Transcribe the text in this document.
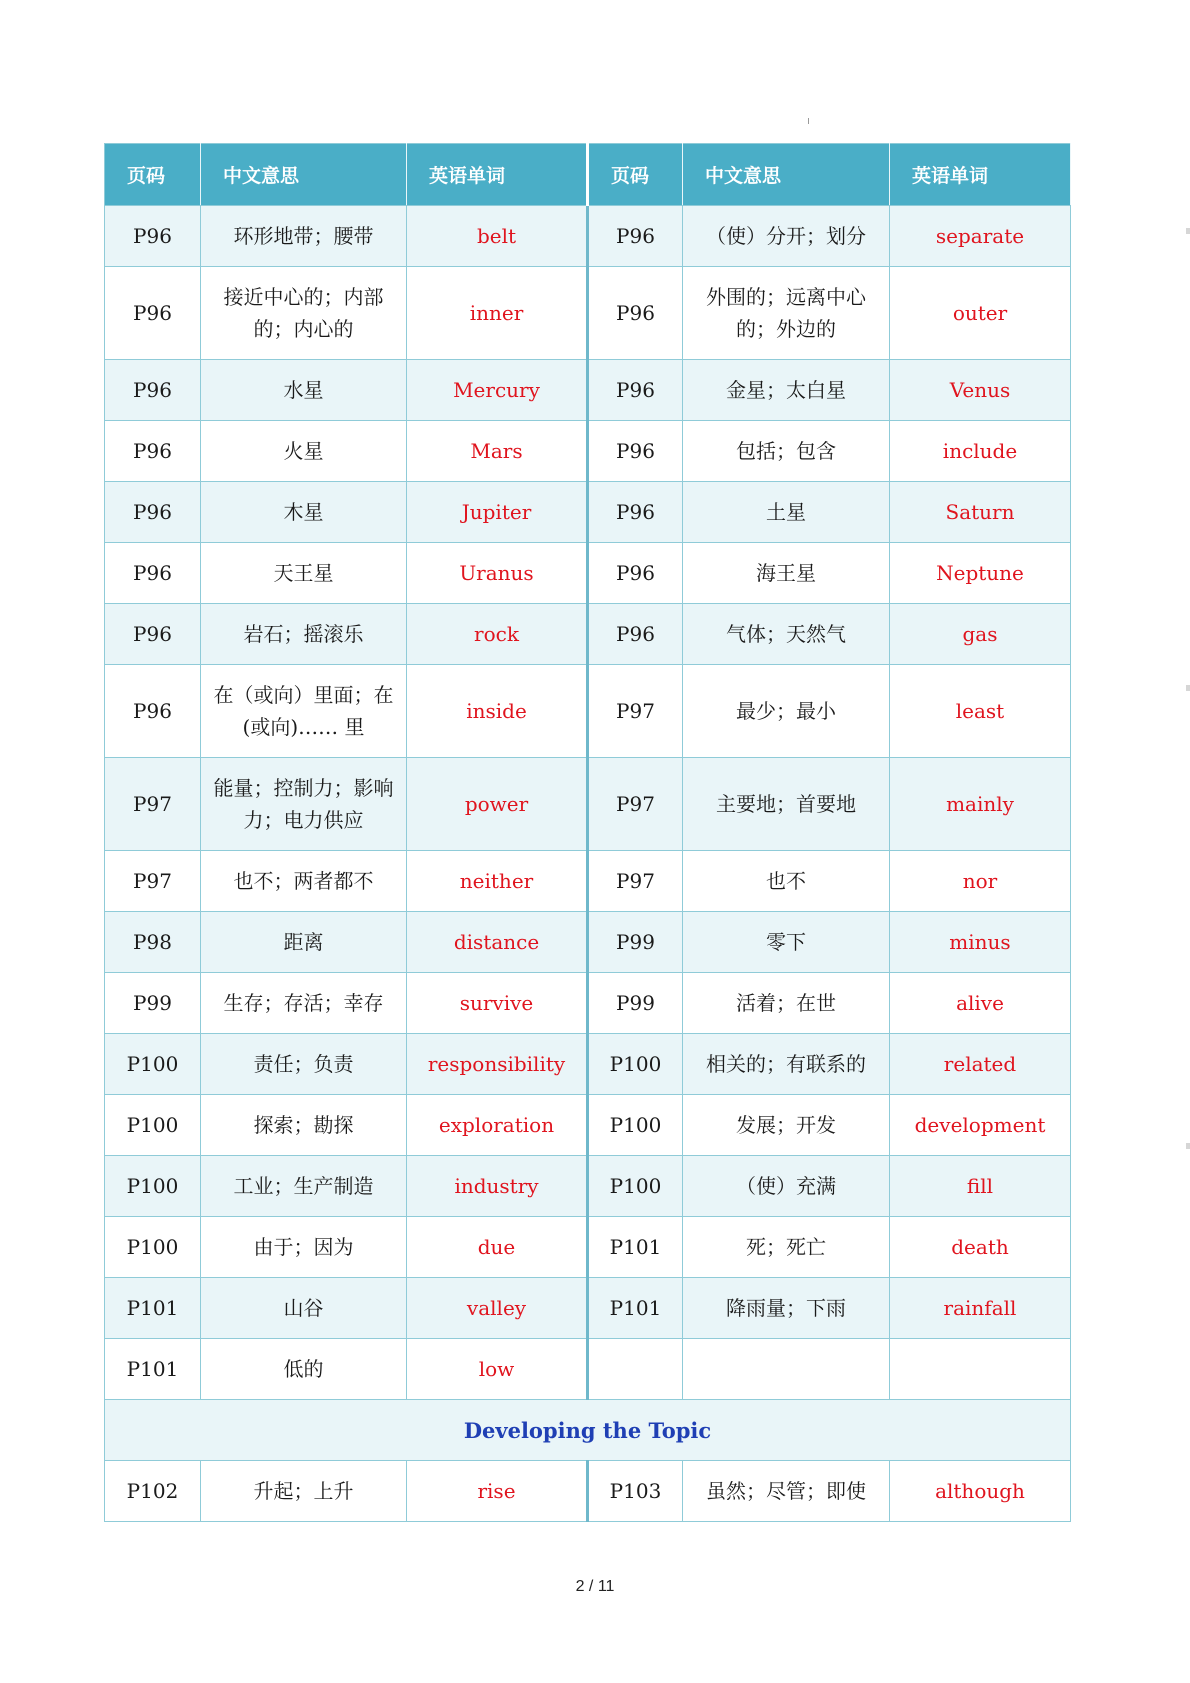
页码	中文意思	英语单词	页码	中文意思	英语单词
P96	环形地带；腰带	belt	P96	（使）分开；划分	separate
P96	接近中心的；内部的；内心的	inner	P96	外围的；远离中心的；外边的	outer
P96	水星	Mercury	P96	金星；太白星	Venus
P96	火星	Mars	P96	包括；包含	include
P96	木星	Jupiter	P96	土星	Saturn
P96	天王星	Uranus	P96	海王星	Neptune
P96	岩石；摇滚乐	rock	P96	气体；天然气	gas
P96	在（或向）里面；在(或向)…… 里	inside	P97	最少；最小	least
P97	能量；控制力；影响力；电力供应	power	P97	主要地；首要地	mainly
P97	也不；两者都不	neither	P97	也不	nor
P98	距离	distance	P99	零下	minus
P99	生存；存活；幸存	survive	P99	活着；在世	alive
P100	责任；负责	responsibility	P100	相关的；有联系的	related
P100	探索；勘探	exploration	P100	发展；开发	development
P100	工业；生产制造	industry	P100	（使）充满	fill
P100	由于；因为	due	P101	死；死亡	death
P101	山谷	valley	P101	降雨量；下雨	rainfall
P101	低的	low			
Developing the Topic					
P102	升起；上升	rise	P103	虽然；尽管；即使	although
2 / 11
